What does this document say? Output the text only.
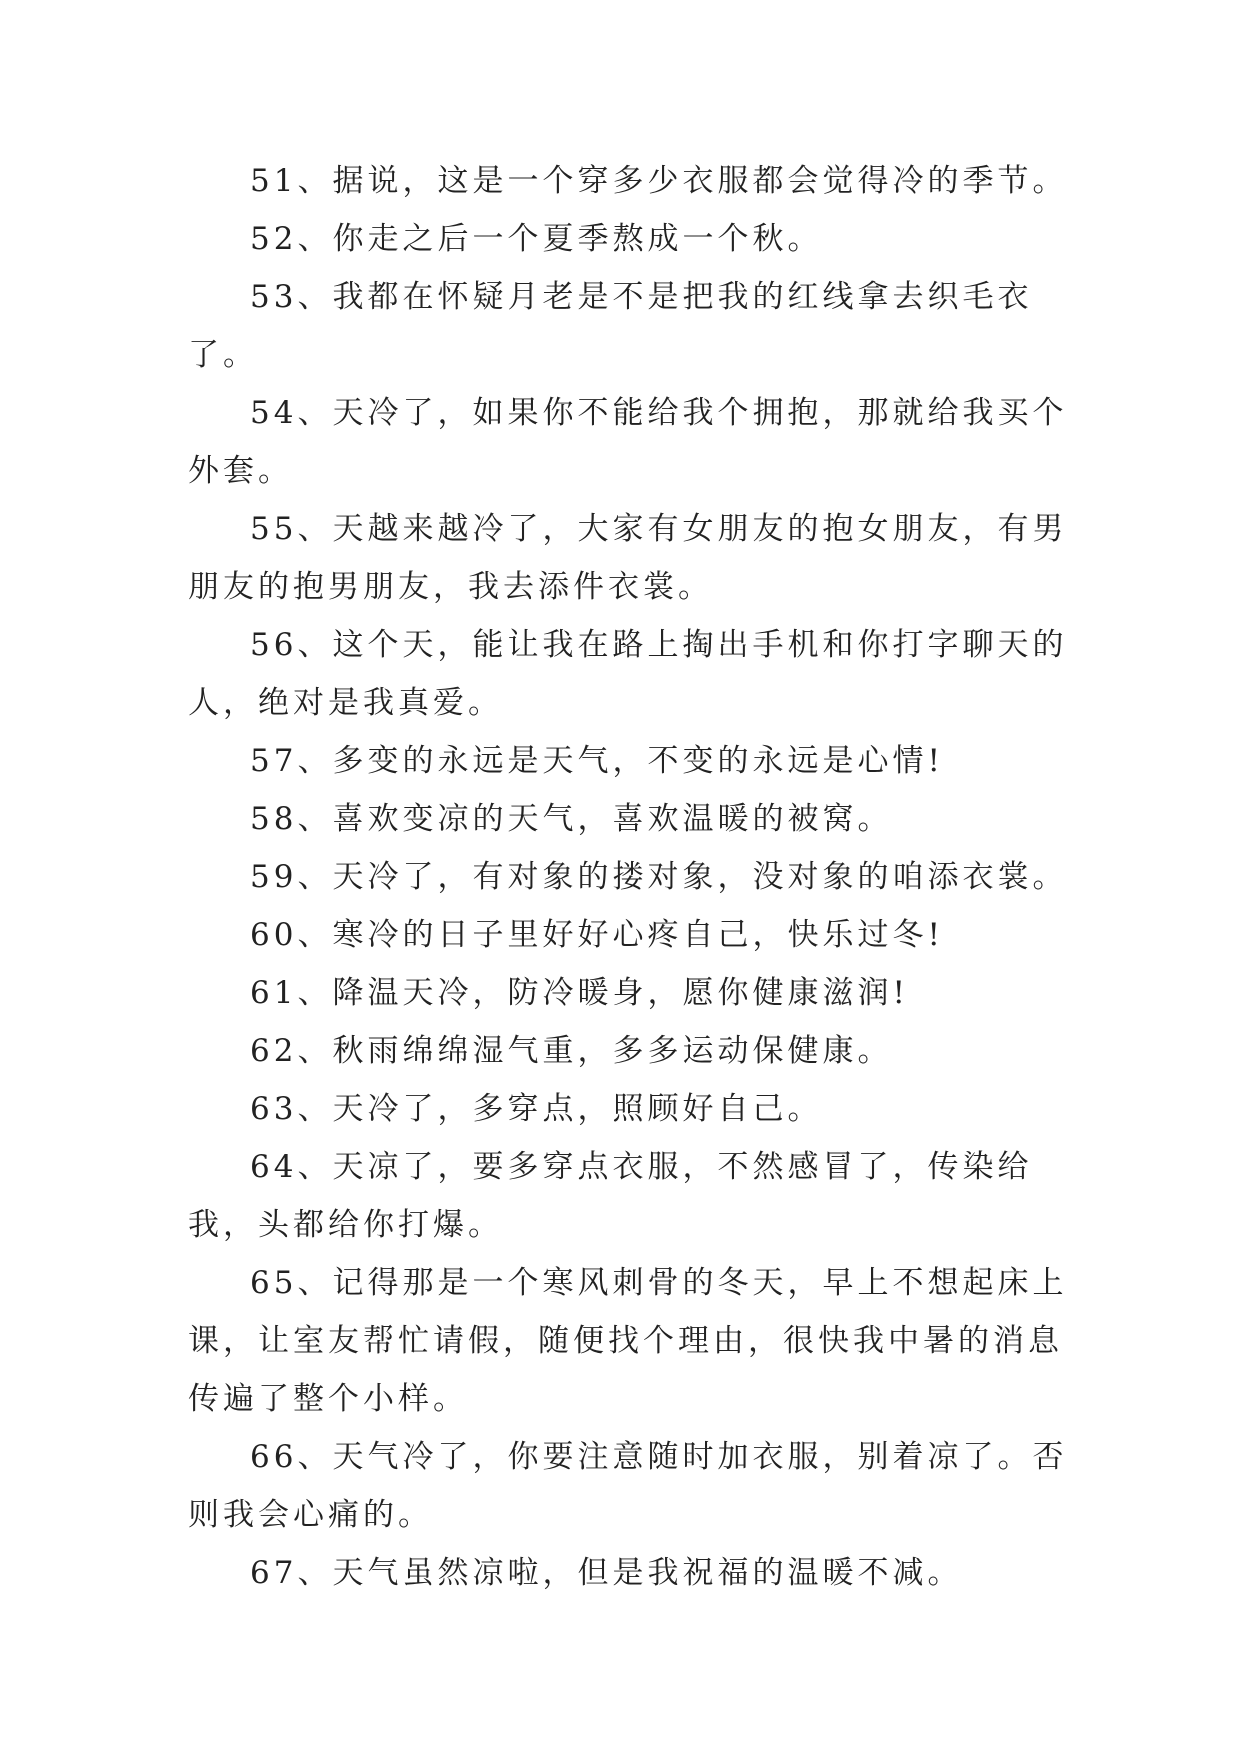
51、据说，这是一个穿多少衣服都会觉得冷的季节。

52、你走之后一个夏季熬成一个秋。

53、我都在怀疑月老是不是把我的红线拿去织毛衣了。

54、天冷了，如果你不能给我个拥抱，那就给我买个外套。

55、天越来越冷了，大家有女朋友的抱女朋友，有男朋友的抱男朋友，我去添件衣裳。

56、这个天，能让我在路上掏出手机和你打字聊天的人，绝对是我真爱。

57、多变的永远是天气，不变的永远是心情!

58、喜欢变凉的天气，喜欢温暖的被窝。

59、天冷了，有对象的搂对象，没对象的咱添衣裳。

60、寒冷的日子里好好心疼自己，快乐过冬!

61、降温天冷，防冷暖身，愿你健康滋润!

62、秋雨绵绵湿气重，多多运动保健康。

63、天冷了，多穿点，照顾好自己。

64、天凉了，要多穿点衣服，不然感冒了，传染给我，头都给你打爆。

65、记得那是一个寒风刺骨的冬天，早上不想起床上课，让室友帮忙请假，随便找个理由，很快我中暑的消息传遍了整个小样。

66、天气冷了，你要注意随时加衣服，别着凉了。否则我会心痛的。

67、天气虽然凉啦，但是我祝福的温暖不减。
